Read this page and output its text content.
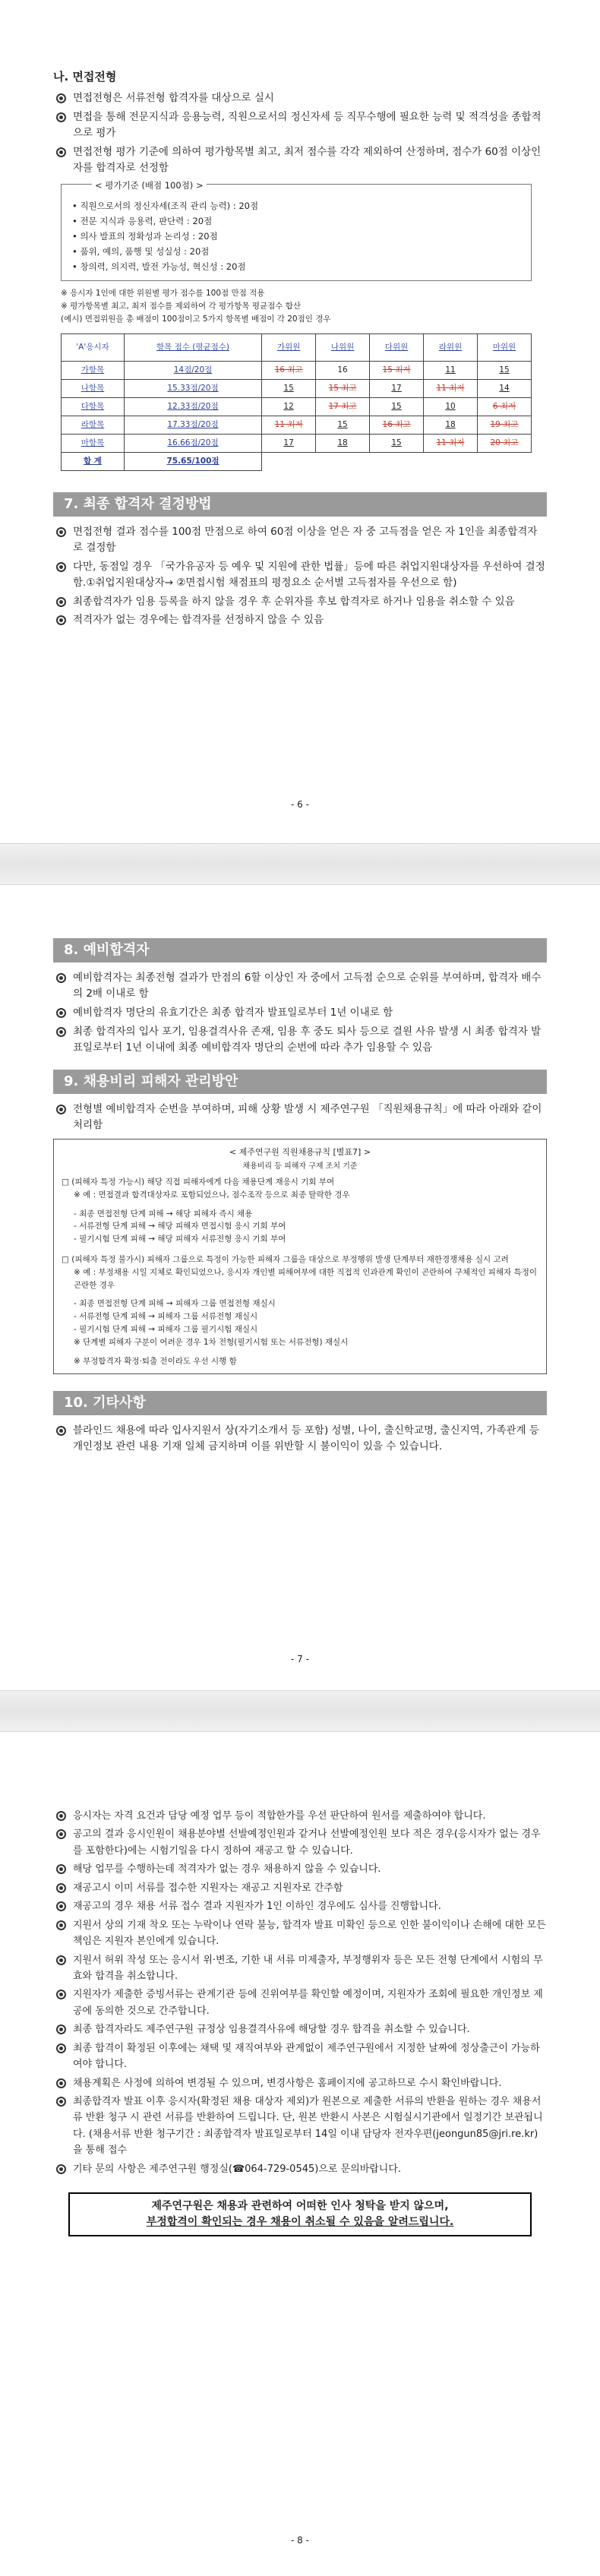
나. 면접전형
면접전형은 서류전형 합격자를 대상으로 실시
면접을 통해 전문지식과 응용능력, 직원으로서의 정신자세 등 직무수행에 필요한 능력 및 적격성을 종합적으로 평가
면접전형 평가 기준에 의하여 평가항목별 최고, 최저 점수를 각각 제외하여 산정하며, 점수가 60점 이상인 자를 합격자로 선정함
< 평가기준 (배점 100점) >
• 직원으로서의 정신자세(조직 관리 능력) : 20점
• 전문 지식과 응용력, 판단력 : 20점
• 의사 발표의 정확성과 논리성 : 20점
• 품위, 예의, 품행 및 성실성 : 20점
• 창의력, 의지력, 발전 가능성, 혁신성 : 20점
※ 응시자 1인에 대한 위원별 평가 점수를 100점 만점 적용
※ 평가항목별 최고, 최저 점수를 제외하여 각 평가항목 평균점수 합산
(예시) 면접위원을 총 배점이 100점이고 5가지 항목별 배점이 각 20점인 경우
'A'응시자	항목 점수 (평균점수)	가위원	나위원	다위원	라위원	마위원
가항목	14점/20점	16 최고	16	15 최저	11	15
나항목	15.33점/20점	15	15 최고	17	11 최저	14
다항목	12.33점/20점	12	17 최고	15	10	6 최저
라항목	17.33점/20점	11 최저	15	16 최고	18	19 최고
마항목	16.66점/20점	17	18	15	11 최저	20 최고
합 계	75.65/100점					
7. 최종 합격자 결정방법
면접전형 결과 점수를 100점 만점으로 하여 60점 이상을 얻은 자 중 고득점을 얻은 자 1인을 최종합격자로 결정함
다만, 동점일 경우 「국가유공자 등 예우 및 지원에 관한 법률」등에 따른 취업지원대상자를 우선하여 결정함.①취업지원대상자→ ②면접시험 채점표의 평정요소 순서별 고득점자를 우선으로 함)
최종합격자가 임용 등록을 하지 않을 경우 후 순위자를 후보 합격자로 하거나 임용을 취소할 수 있음
적격자가 없는 경우에는 합격자를 선정하지 않을 수 있음
- 6 -
8. 예비합격자
예비합격자는 최종전형 결과가 만점의 6할 이상인 자 중에서 고득점 순으로 순위를 부여하며, 합격자 배수의 2배 이내로 함
예비합격자 명단의 유효기간은 최종 합격자 발표일로부터 1년 이내로 함
최종 합격자의 입사 포기, 임용결격사유 존재, 임용 후 중도 퇴사 등으로 결원 사유 발생 시 최종 합격자 발표일로부터 1년 이내에 최종 예비합격자 명단의 순번에 따라 추가 임용할 수 있음
9. 채용비리 피해자 관리방안
전형별 예비합격자 순번을 부여하며, 피해 상황 발생 시 제주연구원 「직원채용규칙」에 따라 아래와 같이 처리함
< 제주연구원 직원채용규칙 [별표7] >
채용비리 등 피해자 구제 조치 기준
□ (피해자 특정 가능시) 해당 직접 피해자에게 다음 채용단계 재응시 기회 부여
※ 예 : 면접결과 합격대상자로 포함되었으나, 점수조작 등으로 최종 탈락한 경우
- 최종 면접전형 단계 피해 → 해당 피해자 즉시 채용
- 서류전형 단계 피해 → 해당 피해자 면접시험 응시 기회 부여
- 필기시험 단계 피해 → 해당 피해자 서류전형 응시 기회 부여
□ (피해자 특정 불가시) 피해자 그룹으로 특정이 가능한 피해자 그룹을 대상으로 부정행위 발생 단계부터 재한경쟁채용 실시 고려
※ 예 : 부정채용 시일 지체로 확인되었으나, 응시자 개인별 피해여부에 대한 직접적 인과관계 확인이 곤란하여 구체적인 피해자 특정이 곤란한 경우
- 최종 면접전형 단계 피해 → 피해자 그룹 면접전형 재실시
- 서류전형 단계 피해 → 피해자 그룹 서류전형 재실시
- 필기시험 단계 피해 → 피해자 그룹 필기시험 재실시
※ 단계별 피해자 구분이 어려운 경우 1차 전형(필기시험 또는 서류전형) 재실시
※ 부정합격자 확정·퇴출 전이라도 우선 시행 함
10. 기타사항
블라인드 채용에 따라 입사지원서 상(자기소개서 등 포함) 성별, 나이, 출신학교명, 출신지역, 가족관계 등 개인정보 관련 내용 기재 일체 금지하며 이를 위반할 시 불이익이 있을 수 있습니다.
- 7 -
응시자는 자격 요건과 담당 예정 업무 등이 적합한가를 우선 판단하여 원서를 제출하여야 합니다.
공고의 결과 응시인원이 채용분야별 선발예정인원과 같거나 선발예정인원 보다 적은 경우(응시자가 없는 경우를 포함한다)에는 시험기일을 다시 정하여 재공고 할 수 있습니다.
해당 업무를 수행하는데 적격자가 없는 경우 채용하지 않을 수 있습니다.
재공고시 이미 서류를 접수한 지원자는 재공고 지원자로 간주함
재공고의 경우 채용 서류 접수 결과 지원자가 1인 이하인 경우에도 심사를 진행합니다.
지원서 상의 기재 착오 또는 누락이나 연락 불능, 합격자 발표 미확인 등으로 인한 불이익이나 손해에 대한 모든 책임은 지원자 본인에게 있습니다.
지원서 허위 작성 또는 응시서 위·변조, 기한 내 서류 미제출자, 부정행위자 등은 모든 전형 단계에서 시험의 무효와 합격을 취소합니다.
지원자가 제출한 증빙서류는 관계기관 등에 진위여부를 확인할 예정이며, 지원자가 조회에 필요한 개인정보 제공에 동의한 것으로 간주합니다.
최종 합격자라도 제주연구원 규정상 임용결격사유에 해당할 경우 합격을 취소할 수 있습니다.
최종 합격이 확정된 이후에는 채택 및 재직여부와 관계없이 제주연구원에서 지정한 날짜에 정상출근이 가능하여야 합니다.
채용계획은 사정에 의하여 변경될 수 있으며, 변경사항은 홈페이지에 공고하므로 수시 확인바랍니다.
최종합격자 발표 이후 응시자(확정된 채용 대상자 제외)가 원본으로 제출한 서류의 반환을 원하는 경우 채용서류 반환 청구 시 관련 서류를 반환하여 드립니다. 단, 원본 반환시 사본은 시험실시기관에서 일정기간 보관됩니다. (채용서류 반환 청구기간 : 최종합격자 발표일로부터 14일 이내 담당자 전자우편(jeongun85@jri.re.kr)을 통해 접수
기타 문의 사항은 제주연구원 행정실(☎064-729-0545)으로 문의바랍니다.
제주연구원은 채용과 관련하여 어떠한 인사 청탁을 받지 않으며,
부정합격이 확인되는 경우 채용이 취소될 수 있음을 알려드립니다.
- 8 -
